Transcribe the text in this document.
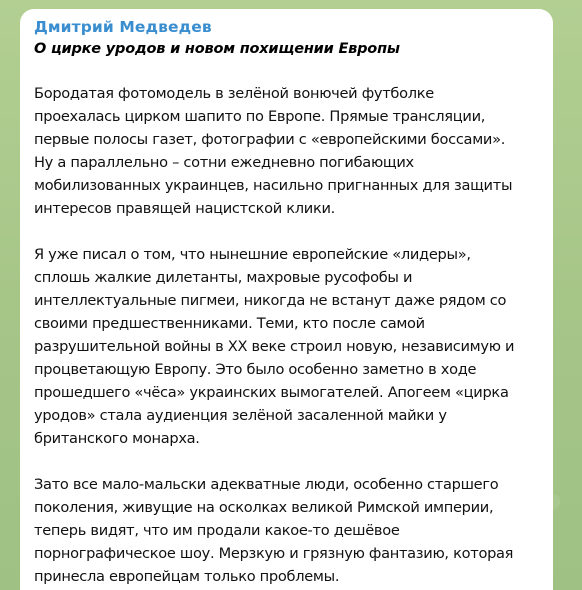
Дмитрий Медведев
О цирке уродов и новом похищении Европы

Бородатая фотомодель в зелёной вонючей футболке
проехалась цирком шапито по Европе. Прямые трансляции,
первые полосы газет, фотографии с «европейскими боссами».
Ну а параллельно – сотни ежедневно погибающих
мобилизованных украинцев, насильно пригнанных для защиты
интересов правящей нацистской клики.

Я уже писал о том, что нынешние европейские «лидеры»,
сплошь жалкие дилетанты, махровые русофобы и
интеллектуальные пигмеи, никогда не встанут даже рядом со
своими предшественниками. Теми, кто после самой
разрушительной войны в XX веке строил новую, независимую и
процветающую Европу. Это было особенно заметно в ходе
прошедшего «чёса» украинских вымогателей. Апогеем «цирка
уродов» стала аудиенция зелёной засаленной майки у
британского монарха.

Зато все мало-мальски адекватные люди, особенно старшего
поколения, живущие на осколках великой Римской империи,
теперь видят, что им продали какое-то дешёвое
порнографическое шоу. Мерзкую и грязную фантазию, которая
принесла европейцам только проблемы.
